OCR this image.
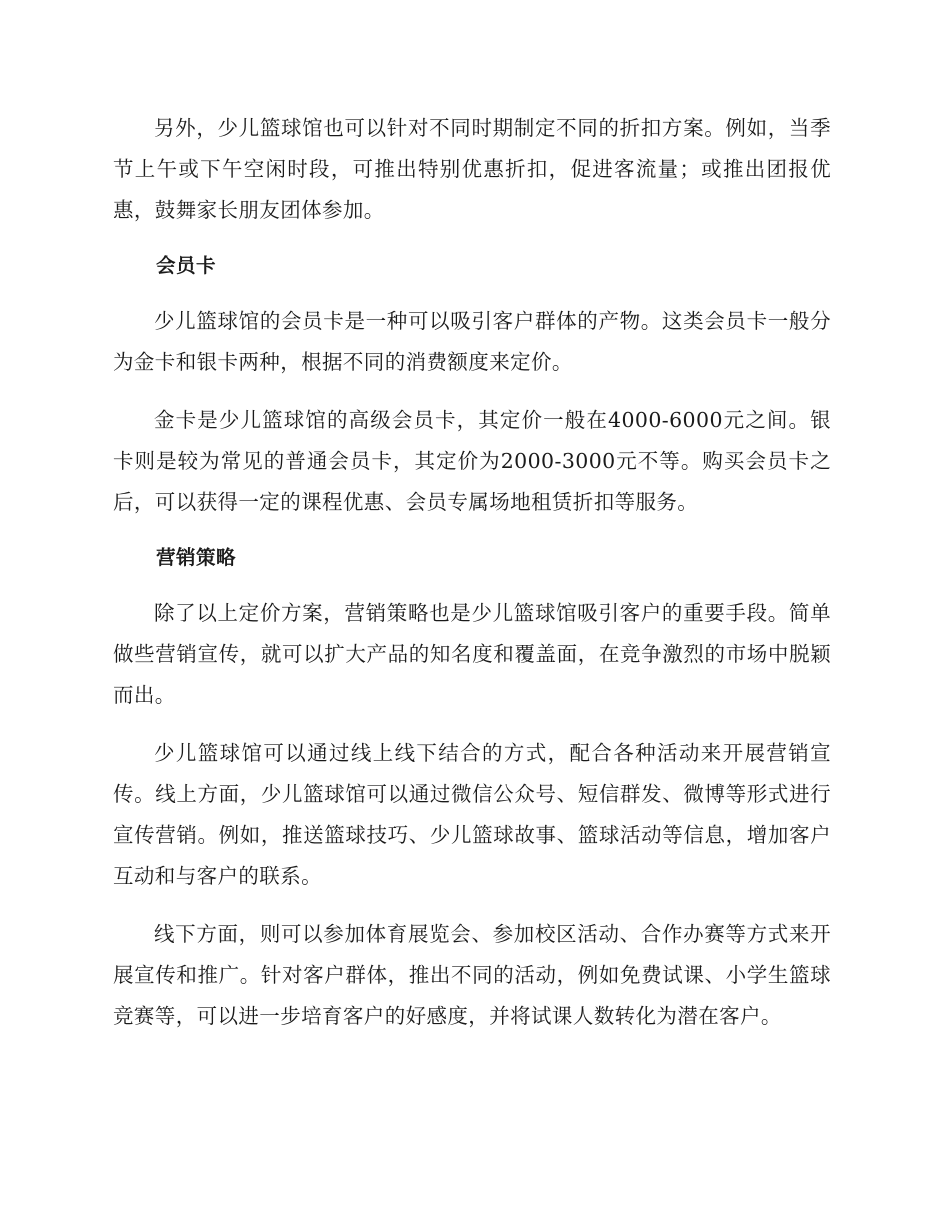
另外，少儿篮球馆也可以针对不同时期制定不同的折扣方案。例如，当季节上午或下午空闲时段，可推出特别优惠折扣，促进客流量；或推出团报优惠，鼓舞家长朋友团体参加。

会员卡

少儿篮球馆的会员卡是一种可以吸引客户群体的产物。这类会员卡一般分为金卡和银卡两种，根据不同的消费额度来定价。

金卡是少儿篮球馆的高级会员卡，其定价一般在4000-6000元之间。银卡则是较为常见的普通会员卡，其定价为2000-3000元不等。购买会员卡之后，可以获得一定的课程优惠、会员专属场地租赁折扣等服务。

营销策略

除了以上定价方案，营销策略也是少儿篮球馆吸引客户的重要手段。简单做些营销宣传，就可以扩大产品的知名度和覆盖面，在竞争激烈的市场中脱颖而出。

少儿篮球馆可以通过线上线下结合的方式，配合各种活动来开展营销宣传。线上方面，少儿篮球馆可以通过微信公众号、短信群发、微博等形式进行宣传营销。例如，推送篮球技巧、少儿篮球故事、篮球活动等信息，增加客户互动和与客户的联系。

线下方面，则可以参加体育展览会、参加校区活动、合作办赛等方式来开展宣传和推广。针对客户群体，推出不同的活动，例如免费试课、小学生篮球竞赛等，可以进一步培育客户的好感度，并将试课人数转化为潜在客户。
